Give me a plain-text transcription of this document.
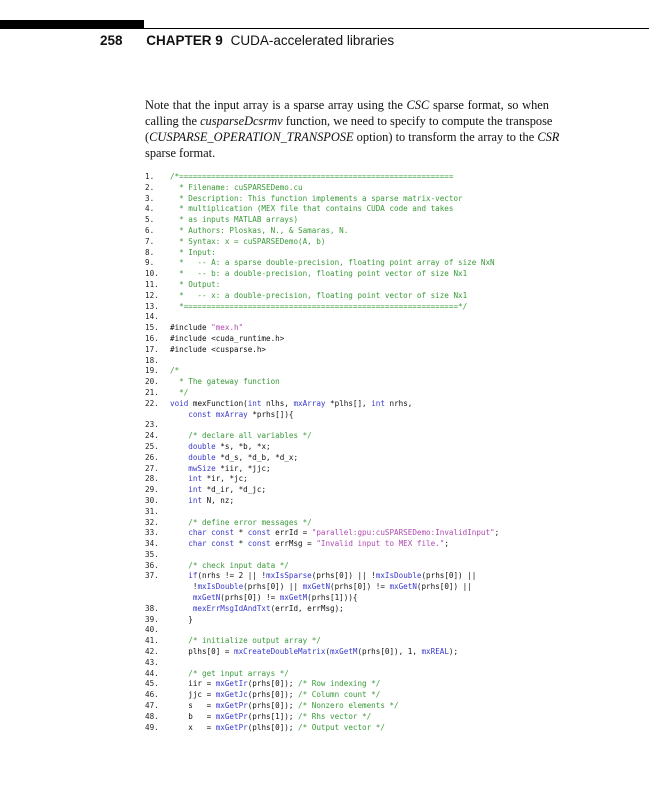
258 CHAPTER 9 CUDA-accelerated libraries

Note that the input array is a sparse array using the CSC sparse format, so when
calling the cusparseDcsrmv function, we need to specify to compute the transpose
(CUSPARSE_OPERATION_TRANSPOSE option) to transform the array to the CSR
sparse format.

1. /*============================================================
2.  * Filename: cuSPARSEDemo.cu
3.  * Description: This function implements a sparse matrix-vector
4.  * multiplication (MEX file that contains CUDA code and takes
5.  * as inputs MATLAB arrays)
6.  * Authors: Ploskas, N., & Samaras, N.
7.  * Syntax: x = cuSPARSEDemo(A, b)
8.  * Input:
9.  *   -- A: a sparse double-precision, floating point array of size NxN
10.  *   -- b: a double-precision, floating point vector of size Nx1
11.  * Output:
12.  *   -- x: a double-precision, floating point vector of size Nx1
13.  *============================================================*/
14.
15. #include "mex.h"
16. #include <cuda_runtime.h>
17. #include <cusparse.h>
18.
19. /*
20.  * The gateway function
21.  */
22. void mexFunction(int nlhs, mxArray *plhs[], int nrhs,
const mxArray *prhs[]){
23.
24.	/* declare all variables */
25.	double *s, *b, *x;
26.	double *d_s, *d_b, *d_x;
27.	mwSize *iir, *jjc;
28.	int *ir, *jc;
29.	int *d_ir, *d_jc;
30.	int N, nz;
31.
32.	/* define error messages */
33.	char const * const errId = "parallel:gpu:cuSPARSEDemo:InvalidInput";
34.	char const * const errMsg = "Invalid input to MEX file.";
35.
36.	/* check input data */
37.	if(nrhs != 2 || !mxIsSparse(prhs[0]) || !mxIsDouble(prhs[0]) ||
!mxIsDouble(prhs[0]) || mxGetN(prhs[0]) != mxGetN(prhs[0]) ||
mxGetN(prhs[0]) != mxGetM(prhs[1])){
38.	mexErrMsgIdAndTxt(errId, errMsg);
39.    }
40.
41.	/* initialize output array */
42.    plhs[0] = mxCreateDoubleMatrix(mxGetM(prhs[0]), 1, mxREAL);
43.
44.	/* get input arrays */
45.    iir = mxGetIr(prhs[0]); /* Row indexing */
46.    jjc = mxGetJc(prhs[0]); /* Column count */
47.    s   = mxGetPr(prhs[0]); /* Nonzero elements */
48.    b   = mxGetPr(prhs[1]); /* Rhs vector */
49.    x   = mxGetPr(plhs[0]); /* Output vector */
